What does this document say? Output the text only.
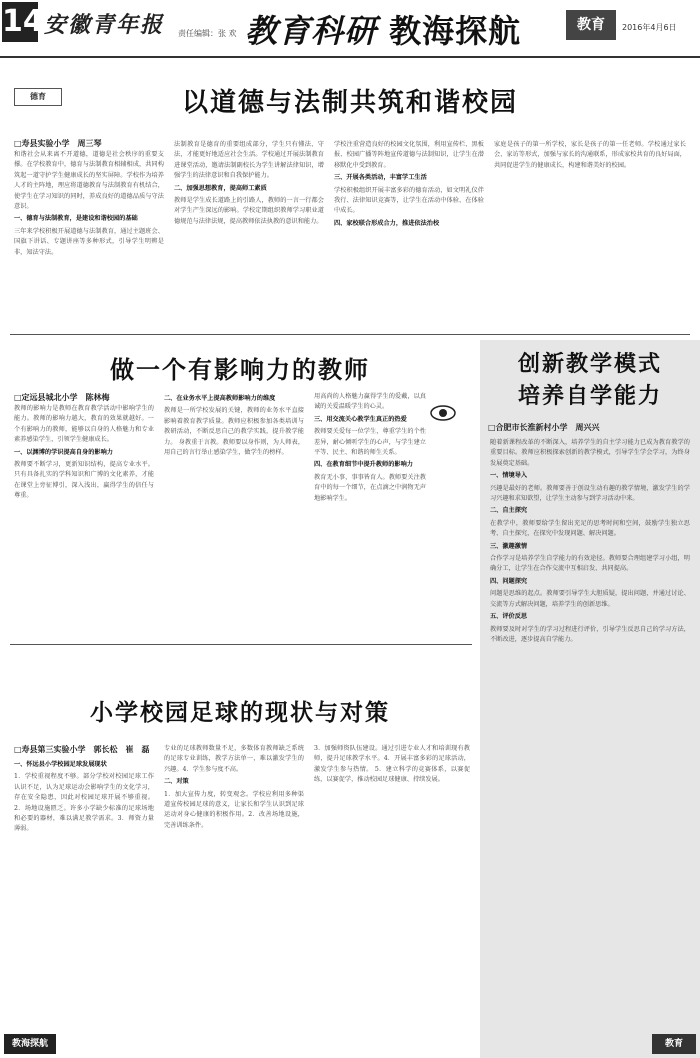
14 安徽青年报 责任编辑：张 欢 教育科研 教海探航	教育	2016年4月6日
德育	以道德与法制共筑和谐校园
□寿县实验小学　周三琴
和谐社会从来离不开道德，道德是社会秩序的重要支撑。在学校教育中，德育与法制教育相辅相成，共同构筑起一道守护学生健康成长的坚实屏障。学校作为培养人才的主阵地，理应将道德教育与法制教育有机结合，使学生在学习知识的同时，养成良好的道德品质与守法意识。
一、德育与法制教育，是建设和谐校园的基础
三年来学校积极开展道德与法制教育，通过主题班会、国旗下讲话、专题讲座等多种形式，引导学生明辨是非，知法守法。
法制教育是德育的重要组成部分，学生只有懂法、守法，才能更好地适应社会生活。学校通过开展法制教育进课堂活动，邀请法制副校长为学生讲解法律知识，增强学生的法律意识和自我保护能力。
二、加强思想教育，提高师工素质
教师是学生成长道路上的引路人，教师的一言一行都会对学生产生深远的影响。学校定期组织教师学习职业道德规范与法律法规，提高教师依法执教的意识和能力。
学校注重营造良好的校园文化氛围，利用宣传栏、黑板报、校园广播等阵地宣传道德与法制知识，让学生在潜移默化中受到教育。
三、开展各类活动，丰富学工生活
学校积极组织开展丰富多彩的德育活动，如文明礼仪伴我行、法律知识竞赛等，让学生在活动中体验、在体验中成长。
四、家校联合形成合力，推进依法治校
家庭是孩子的第一所学校，家长是孩子的第一任老师。学校通过家长会、家访等形式，加强与家长的沟通联系，形成家校共育的良好局面，共同促进学生的健康成长，构建和谐美好的校园。
做一个有影响力的教师
□定远县城北小学　陈林梅
教师的影响力是教师在教育教学活动中影响学生的能力。教师的影响力越大，教育的效果就越好。一个有影响力的教师，能够以自身的人格魅力和专业素养感染学生，引领学生健康成长。
一、以渊博的学识提高自身的影响力
教师要不断学习，更新知识结构，提高专业水平。只有具备扎实的学科知识和广博的文化素养，才能在课堂上旁征博引，深入浅出，赢得学生的信任与尊重。
二、在业务水平上提高教师影响力的维度
教师是一所学校发展的关键，教师的业务水平直接影响着教育教学质量。教师应积极参加各类培训与教研活动，不断反思自己的教学实践，提升教学能力。 身教重于言教。教师要以身作则，为人师表，用自己的言行举止感染学生，做学生的榜样。
用高尚的人格魅力赢得学生的爱戴，以真诚的关爱温暖学生的心灵。
三、用交流关心教学生真正的热爱
教师要关爱每一位学生，尊重学生的个性差异，耐心倾听学生的心声，与学生建立平等、民主、和谐的师生关系。
四、在教育细节中提升教师的影响力
教育无小事，事事皆育人。教师要关注教育中的每一个细节，在点滴之中润物无声地影响学生。
小学校园足球的现状与对策
□寿县第三实验小学　郭长松　崔　磊
一、怀远县小学校园足球发展现状
1．学校重视程度不够。部分学校对校园足球工作认识不足，认为足球运动会影响学生的文化学习，存在安全隐患，因此对校园足球开展不够重视。2．场地设施匮乏。许多小学缺少标准的足球场地和必要的器材，难以满足教学需求。3．师资力量薄弱。
专业的足球教师数量不足，多数体育教师缺乏系统的足球专业训练，教学方法单一，难以激发学生的兴趣。4．学生参与度不高。
二、对策
1．加大宣传力度，转变观念。学校应利用多种渠道宣传校园足球的意义，让家长和学生认识到足球运动对身心健康的积极作用。2．改善场地设施，完善训练条件。
3．加强师资队伍建设。通过引进专业人才和培训现有教师，提升足球教学水平。4．开展丰富多彩的足球活动，激发学生参与热情。 5．建立科学的竞赛体系，以赛促练，以赛促学，推动校园足球健康、持续发展。
创新教学模式
培养自学能力
□合肥市长淮新村小学　周兴兴
随着新课程改革的不断深入，培养学生的自主学习能力已成为教育教学的重要目标。教师应积极探索创新的教学模式，引导学生学会学习，为终身发展奠定基础。
一、情境导入
兴趣是最好的老师。教师要善于创设生动有趣的教学情境，激发学生的学习兴趣和求知欲望，让学生主动参与到学习活动中来。
二、自主探究
在教学中，教师要给学生留出充足的思考时间和空间，鼓励学生独立思考、自主探究，在探究中发现问题、解决问题。
三、激趣激情
合作学习是培养学生自学能力的有效途径。教师要合理组建学习小组，明确分工，让学生在合作交流中互相启发、共同提高。
四、问题探究
问题是思维的起点。教师要引导学生大胆质疑，提出问题，并通过讨论、交流等方式解决问题，培养学生的创新思维。
五、评价反思
教师要及时对学生的学习过程进行评价，引导学生反思自己的学习方法，不断改进，逐步提高自学能力。
教海探航	教育
